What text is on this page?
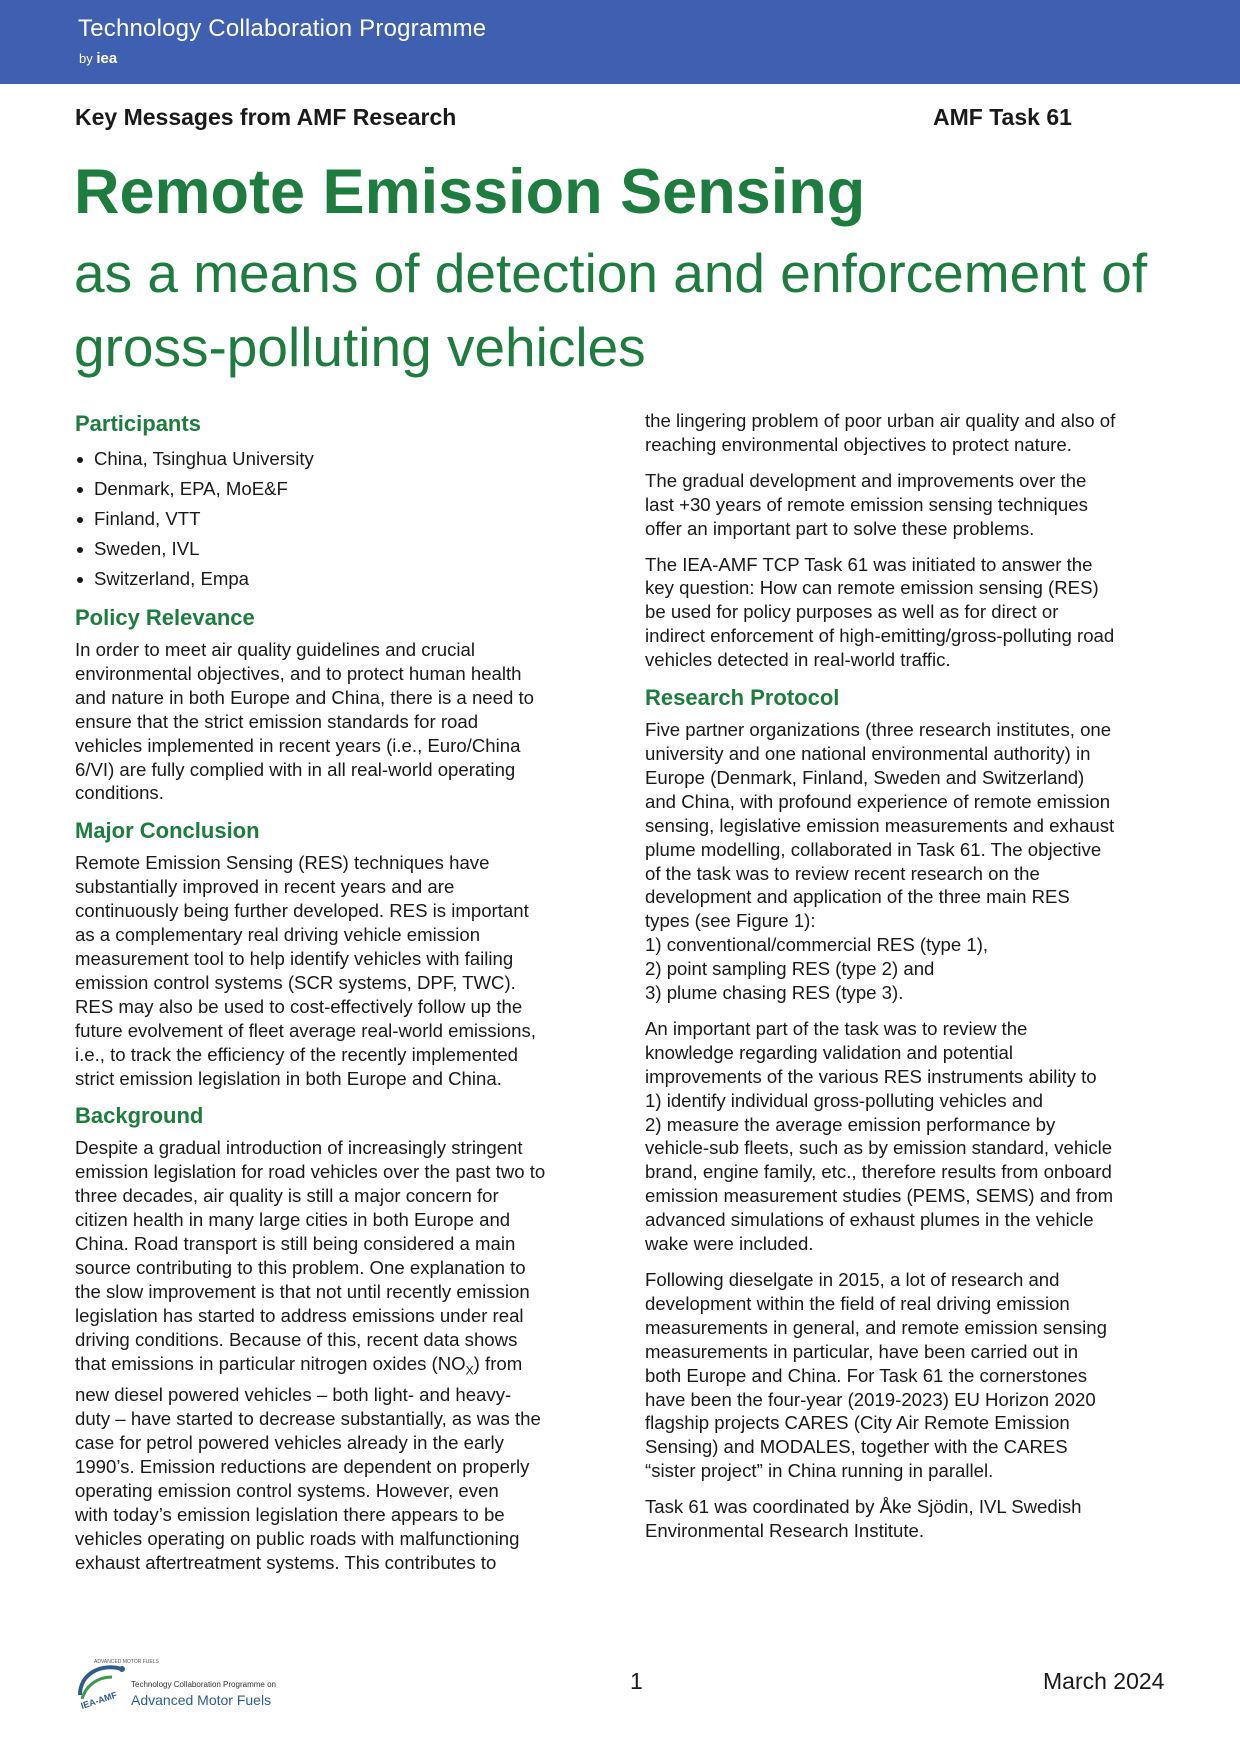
Technology Collaboration Programme
by iea
Key Messages from AMF Research	AMF Task 61
Remote Emission Sensing
as a means of detection and enforcement of gross-polluting vehicles
Participants
China, Tsinghua University
Denmark, EPA, MoE&F
Finland, VTT
Sweden, IVL
Switzerland, Empa
Policy Relevance

In order to meet air quality guidelines and crucial
environmental objectives, and to protect human health
and nature in both Europe and China, there is a need to
ensure that the strict emission standards for road
vehicles implemented in recent years (i.e., Euro/China
6/VI) are fully complied with in all real-world operating
conditions.

Major Conclusion

Remote Emission Sensing (RES) techniques have
substantially improved in recent years and are
continuously being further developed. RES is important
as a complementary real driving vehicle emission
measurement tool to help identify vehicles with failing
emission control systems (SCR systems, DPF, TWC).
RES may also be used to cost-effectively follow up the
future evolvement of fleet average real-world emissions,
i.e., to track the efficiency of the recently implemented
strict emission legislation in both Europe and China.

Background

Despite a gradual introduction of increasingly stringent
emission legislation for road vehicles over the past two to
three decades, air quality is still a major concern for
citizen health in many large cities in both Europe and
China. Road transport is still being considered a main
source contributing to this problem. One explanation to
the slow improvement is that not until recently emission
legislation has started to address emissions under real
driving conditions. Because of this, recent data shows
that emissions in particular nitrogen oxides $(NO_X)$ from
new diesel powered vehicles – both light- and heavy-
duty – have started to decrease substantially, as was the
case for petrol powered vehicles already in the early
1990’s. Emission reductions are dependent on properly
operating emission control systems. However, even
with today’s emission legislation there appears to be
vehicles operating on public roads with malfunctioning
exhaust aftertreatment systems. This contributes to

the lingering problem of poor urban air quality and also of
reaching environmental objectives to protect nature.

The gradual development and improvements over the
last +30 years of remote emission sensing techniques
offer an important part to solve these problems.

The IEA-AMF TCP Task 61 was initiated to answer the
key question: How can remote emission sensing (RES)
be used for policy purposes as well as for direct or
indirect enforcement of high-emitting/gross-polluting road
vehicles detected in real-world traffic.

Research Protocol

Five partner organizations (three research institutes, one
university and one national environmental authority) in
Europe (Denmark, Finland, Sweden and Switzerland)
and China, with profound experience of remote emission
sensing, legislative emission measurements and exhaust
plume modelling, collaborated in Task 61. The objective
of the task was to review recent research on the
development and application of the three main RES
types (see Figure 1):
1) conventional/commercial RES (type 1),
2) point sampling RES (type 2) and
3) plume chasing RES (type 3).

An important part of the task was to review the
knowledge regarding validation and potential
improvements of the various RES instruments ability to
1) identify individual gross-polluting vehicles and
2) measure the average emission performance by
vehicle-sub fleets, such as by emission standard, vehicle
brand, engine family, etc., therefore results from onboard
emission measurement studies (PEMS, SEMS) and from
advanced simulations of exhaust plumes in the vehicle
wake were included.

Following dieselgate in 2015, a lot of research and
development within the field of real driving emission
measurements in general, and remote emission sensing
measurements in particular, have been carried out in
both Europe and China. For Task 61 the cornerstones
have been the four-year (2019-2023) EU Horizon 2020
flagship projects CARES (City Air Remote Emission
Sensing) and MODALES, together with the CARES
“sister project” in China running in parallel.

Task 61 was coordinated by Åke Sjödin, IVL Swedish
Environmental Research Institute.

ADVANCED MOTOR FUELS
IEA-AMF
Technology Collaboration Programme on
Advanced Motor Fuels
1	March 2024
